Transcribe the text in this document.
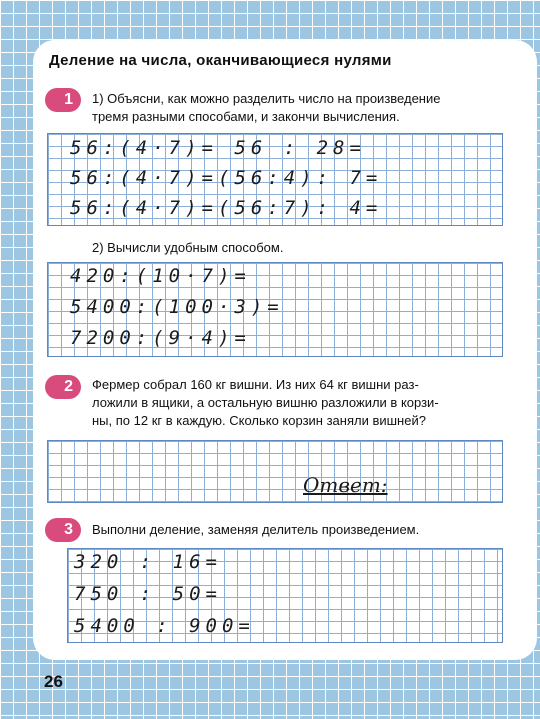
Деление на числа, оканчивающиеся нулями
1	1) Объясни, как можно разделить число на произведение
тремя разными способами, и закончи вычисления.
56:(4·7)= 56 : 28=
56:(4·7)=(56:4): 7=
56:(4·7)=(56:7): 4=
2) Вычисли удобным способом.
420:(10·7)=
5400:(100·3)=
7200:(9·4)=
2	Фермер собрал 160 кг вишни. Из них 64 кг вишни раз-
ложили в ящики, а остальную вишню разложили в корзи-
ны, по 12 кг в каждую. Сколько корзин заняли вишней?
Ответ:
3	Выполни деление, заменяя делитель произведением.
320 : 16=
750 : 50=
5400 : 900=
26
